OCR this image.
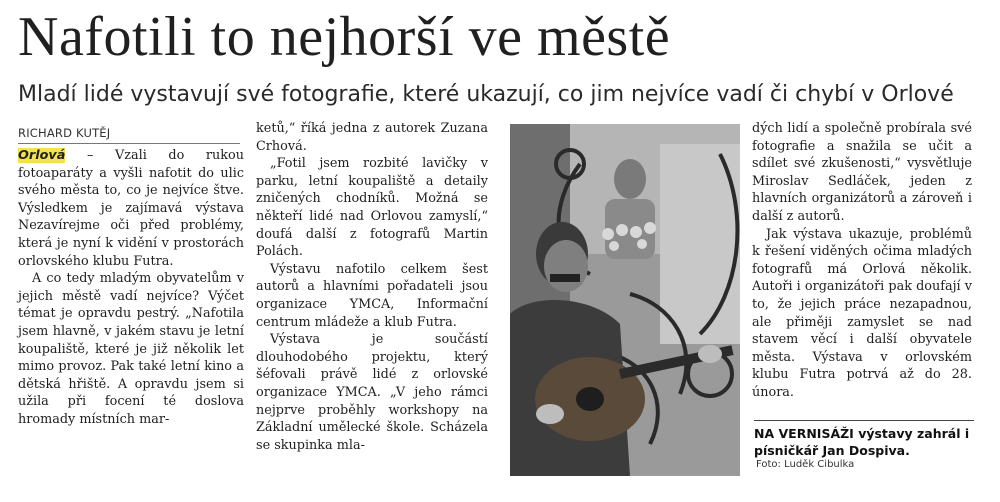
Nafotili to nejhorší ve městě
Mladí lidé vystavují své fotografie, které ukazují, co jim nejvíce vadí či chybí v Orlové
RICHARD KUTĚJ

Orlová – Vzali do rukou fotoaparáty a vyšli nafotit do ulic svého města to, co je nejvíce štve. Výsledkem je zajímavá výstava Nezavírejme oči před problémy, která je nyní k vidění v prostorách orlovského klubu Futra.

A co tedy mladým obyvatelům v jejich městě vadí nejvíce? Výčet témat je opravdu pestrý. „Nafotila jsem hlavně, v jakém stavu je letní koupaliště, které je již několik let mimo provoz. Pak také letní kino a dětská hřiště. A opravdu jsem si užila při focení té doslova hromady místních mar-

ketů,“ říká jedna z autorek Zuzana Crhová.

„Fotil jsem rozbité lavičky v parku, letní koupaliště a detaily zničených chodníků. Možná se někteří lidé nad Orlovou zamyslí,“ doufá další z fotografů Martin Polách.

Výstavu nafotilo celkem šest autorů a hlavními pořadateli jsou organizace YMCA, Informační centrum mládeže a klub Futra.

Výstava je součástí dlouhodobého projektu, který šéfovali právě lidé z orlovské organizace YMCA. „V jeho rámci nejprve proběhly workshopy na Základní umělecké škole. Scházela se skupinka mla-

dých lidí a společně probírala své fotografie a snažila se učit a sdílet své zkušenosti,“ vysvětluje Miroslav Sedláček, jeden z hlavních organizátorů a zároveň i další z autorů.

Jak výstava ukazuje, problémů k řešení viděných očima mladých fotografů má Orlová několik. Autoři i organizátoři pak doufají v to, že jejich práce nezapadnou, ale přiměji zamyslet se nad stavem věcí i další obyvatele města. Výstava v orlovském klubu Futra potrvá až do 28. února.

NA VERNISÁŽI výstavy zahrál i písničkář Jan Dospiva.
Foto: Luděk Cibulka
